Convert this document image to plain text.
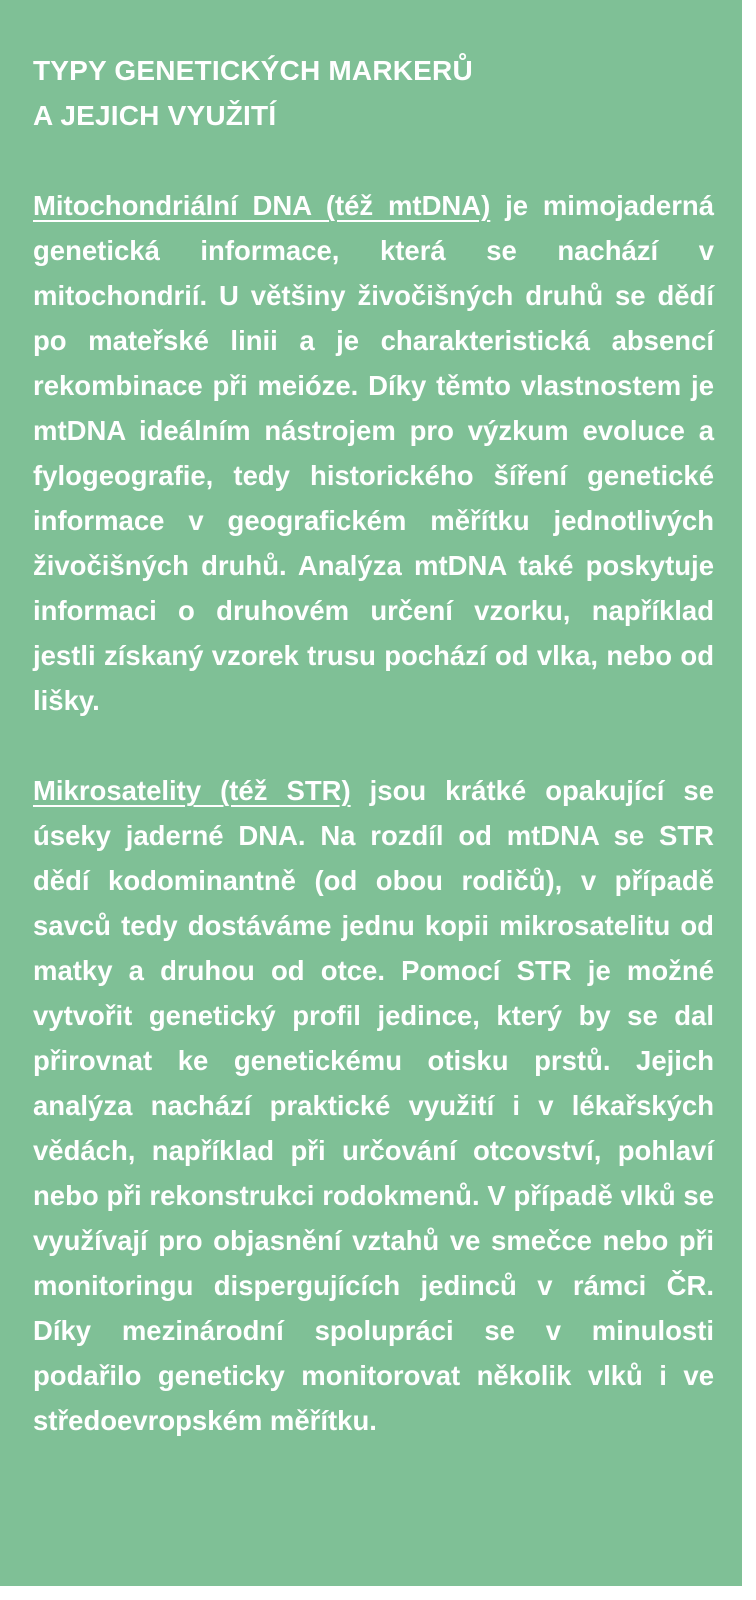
TYPY GENETICKÝCH MARKERŮ
A JEJICH VYUŽITÍ

Mitochondriální DNA (též mtDNA) je mimojaderná genetická informace, která se nachází v mitochondrií. U většiny živočišných druhů se dědí po mateřské linii a je charakteristická absencí rekombinace při meióze. Díky těmto vlastnostem je mtDNA ideálním nástrojem pro výzkum evoluce a fylogeografie, tedy historického šíření genetické informace v geografickém měřítku jednotlivých živočišných druhů. Analýza mtDNA také poskytuje informaci o druhovém určení vzorku, například jestli získaný vzorek trusu pochází od vlka, nebo od lišky.

Mikrosatelity (též STR) jsou krátké opakující se úseky jaderné DNA. Na rozdíl od mtDNA se STR dědí kodominantně (od obou rodičů), v případě savců tedy dostáváme jednu kopii mikrosatelitu od matky a druhou od otce. Pomocí STR je možné vytvořit genetický profil jedince, který by se dal přirovnat ke genetickému otisku prstů. Jejich analýza nachází praktické využití i v lékařských vědách, například při určování otcovství, pohlaví nebo při rekonstrukci rodokmenů. V případě vlků se využívají pro objasnění vztahů ve smečce nebo při monitoringu dispergujících jedinců v rámci ČR. Díky mezinárodní spolupráci se v minulosti podařilo geneticky monitorovat několik vlků i ve středoevropském měřítku.
